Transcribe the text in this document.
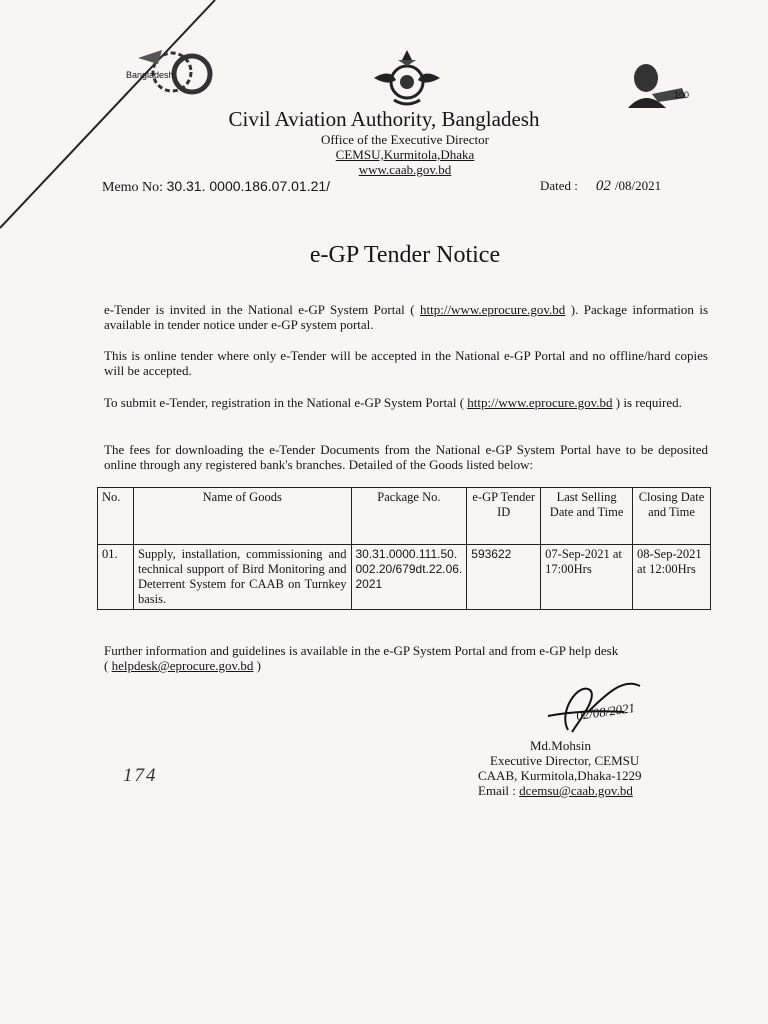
Bangladesh
100
Civil Aviation Authority, Bangladesh
Office of the Executive Director
CEMSU,Kurmitola,Dhaka
www.caab.gov.bd
Memo No: 30.31. 0000.186.07.01.21/	Dated : 02 /08/2021
e-GP Tender Notice
e-Tender is invited in the National e-GP System Portal ( http://www.eprocure.gov.bd ). Package information is available in tender notice under e-GP system portal.
This is online tender where only e-Tender will be accepted in the National e-GP Portal and no offline/hard copies will be accepted.
To submit e-Tender, registration in the National e-GP System Portal ( http://www.eprocure.gov.bd ) is required.
The fees for downloading the e-Tender Documents from the National e-GP System Portal have to be deposited online through any registered bank's branches. Detailed of the Goods listed below:
No.	Name of Goods	Package No.	e-GP Tender ID	Last Selling Date and Time	Closing Date and Time
01.	Supply, installation, commissioning and technical support of Bird Monitoring and Deterrent System for CAAB on Turnkey basis.	30.31.0000.111.50.002.20/679dt.22.06.2021	593622	07-Sep-2021 at 17:00Hrs	08-Sep-2021 at 12:00Hrs
Further information and guidelines is available in the e-GP System Portal and from e-GP help desk
( helpdesk@eprocure.gov.bd )
02/08/2021
Md.Mohsin
Executive Director, CEMSU
CAAB, Kurmitola,Dhaka-1229
Email : dcemsu@caab.gov.bd
174
